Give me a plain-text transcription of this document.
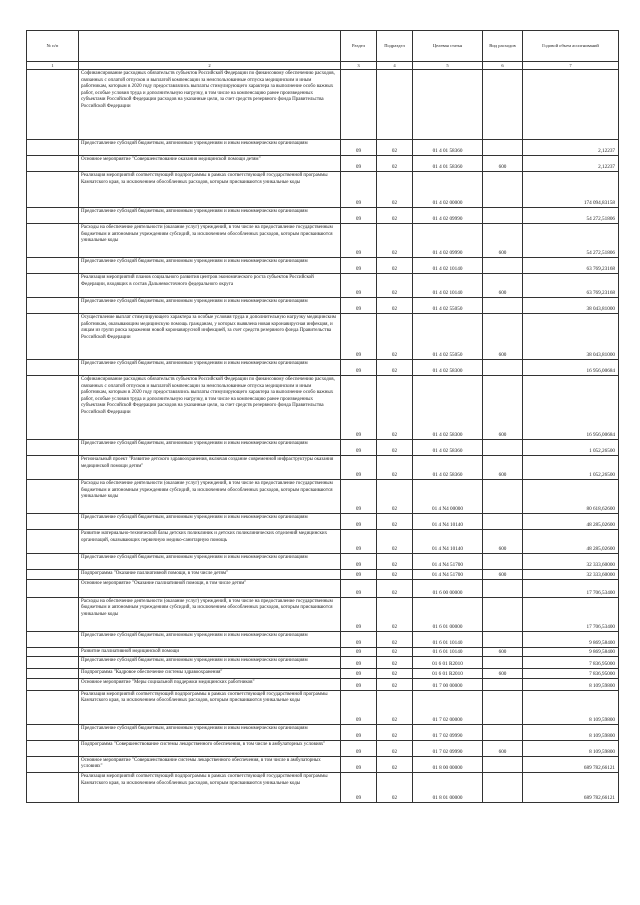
№ п/п		Раздел	Подраздел	Целевая статья	Вид расходов	Годовой объем ассигнований
1	2	3	4	5	6	7
	Софинансирование расходных обязательств субъектов Российской Федерации по финансовому обеспечению расходов, связанных с оплатой отпусков и выплатой компенсации за неиспользованные отпуска медицинским и иным работникам, которым в 2020 году предоставлялись выплаты стимулирующего характера за выполнение особо важных работ, особые условия труда и дополнительную нагрузку, в том числе на компенсацию ранее произведенных субъектами Российской Федерации расходов на указанные цели, за счет средств резервного фонда Правительства Российской Федерации					
	Предоставление субсидий бюджетным, автономным учреждениям и иным некоммерческим организациям	09	02	01 4 01 58360		2,12237
	Основное мероприятие "Совершенствование оказания медицинской помощи детям"	09	02	01 4 01 58360	600	2,12237
	Реализация мероприятий соответствующей подпрограммы в рамках соответствующей государственной программы Камчатского края, за исключением обособленных расходов, которым присваиваются уникальные коды	09	02	01 4 02 00000		174 094,83158
	Предоставление субсидий бюджетным, автономным учреждениям и иным некоммерческим организациям	09	02	01 4 02 09990		54 272,51806
	Расходы на обеспечение деятельности (оказание услуг) учреждений, в том числе на предоставление государственным бюджетным и автономным учреждениям субсидий, за исключением обособленных расходов, которым присваиваются уникальные коды	09	02	01 4 02 09990	600	54 272,51806
	Предоставление субсидий бюджетным, автономным учреждениям и иным некоммерческим организациям	09	02	01 4 02 10140		63 769,23168
	Реализация мероприятий планов социального развития центров экономического роста субъектов Российской Федерации, входящих в состав Дальневосточного федерального округа	09	02	01 4 02 10140	600	63 769,23168
	Предоставление субсидий бюджетным, автономным учреждениям и иным некоммерческим организациям	09	02	01 4 02 55050		38 043,81000
	Осуществление выплат стимулирующего характера за особые условия труда и дополнительную нагрузку медицинским работникам, оказывающим медицинскую помощь гражданам, у которых выявлена новая коронавирусная инфекция, и лицам из групп риска заражения новой коронавирусной инфекцией, за счет средств резервного фонда Правительства Российской Федерации	09	02	01 4 02 55050	600	38 043,81000
	Предоставление субсидий бюджетным, автономным учреждениям и иным некоммерческим организациям	09	02	01 4 02 58300		16 956,00684
	Софинансирование расходных обязательств субъектов Российской Федерации по финансовому обеспечению расходов, связанных с оплатой отпусков и выплатой компенсации за неиспользованные отпуска медицинским и иным работникам, которым в 2020 году предоставлялись выплаты стимулирующего характера за выполнение особо важных работ, особые условия труда и дополнительную нагрузку, в том числе на компенсацию ранее произведенных субъектами Российской Федерации расходов на указанные цели, за счет средств резервного фонда Правительства Российской Федерации	09	02	01 4 02 58300	600	16 956,00684
	Предоставление субсидий бюджетным, автономным учреждениям и иным некоммерческим организациям	09	02	01 4 02 58360		1 052,26500
	Региональный проект "Развитие детского здравоохранения, включая создание современной инфраструктуры оказания медицинской помощи детям"	09	02	01 4 02 58360	600	1 052,26500
	Расходы на обеспечение деятельности (оказание услуг) учреждений, в том числе на предоставление государственным бюджетным и автономным учреждениям субсидий, за исключением обособленных расходов, которым присваиваются уникальные коды	09	02	01 4 N4 00000		80 618,62600
	Предоставление субсидий бюджетным, автономным учреждениям и иным некоммерческим организациям	09	02	01 4 N4 10140		48 285,02600
	Развитие материально-технической базы детских поликлиник и детских поликлинических отделений медицинских организаций, оказывающих первичную медико-санитарную помощь	09	02	01 4 N4 10140	600	48 285,02600
	Предоставление субсидий бюджетным, автономным учреждениям и иным некоммерческим организациям	09	02	01 4 N4 51700		32 333,60000
	Подпрограмма "Оказание паллиативной помощи, в том числе детям"	09	02	01 4 N4 51700	600	32 333,60000
	Основное мероприятие "Оказание паллиативной помощи, в том числе детям"	09	02	01 6 00 00000		17 706,53400
	Расходы на обеспечение деятельности (оказание услуг) учреждений, в том числе на предоставление государственным бюджетным и автономным учреждениям субсидий, за исключением обособленных расходов, которым присваиваются уникальные коды	09	02	01 6 01 00000		17 706,53400
	Предоставление субсидий бюджетным, автономным учреждениям и иным некоммерческим организациям	09	02	01 6 01 10140		9 869,58400
	Развитие паллиативной медицинской помощи	09	02	01 6 01 10140	600	9 869,58400
	Предоставление субсидий бюджетным, автономным учреждениям и иным некоммерческим организациям	09	02	01 6 01 R2010		7 836,95000
	Подпрограмма "Кадровое обеспечение системы здравоохранения"	09	02	01 6 01 R2010	600	7 836,95000
	Основное мероприятие "Меры социальной поддержки медицинских работников"	09	02	01 7 00 00000		8 109,59800
	Реализация мероприятий соответствующей подпрограммы в рамках соответствующей государственной программы Камчатского края, за исключением обособленных расходов, которым присваиваются уникальные коды	09	02	01 7 02 00000		8 109,59800
	Предоставление субсидий бюджетным, автономным учреждениям и иным некоммерческим организациям	09	02	01 7 02 09990		8 109,59800
	Подпрограмма "Совершенствование системы лекарственного обеспечения, в том числе в амбулаторных условиях"	09	02	01 7 02 09990	600	8 109,59800
	Основное мероприятие "Совершенствование системы лекарственного обеспечения, в том числе в амбулаторных условиях"	09	02	01 8 00 00000		689 782,66121
	Реализация мероприятий соответствующей подпрограммы в рамках соответствующей государственной программы Камчатского края, за исключением обособленных расходов, которым присваиваются уникальные коды	09	02	01 8 01 00000		689 782,66121
